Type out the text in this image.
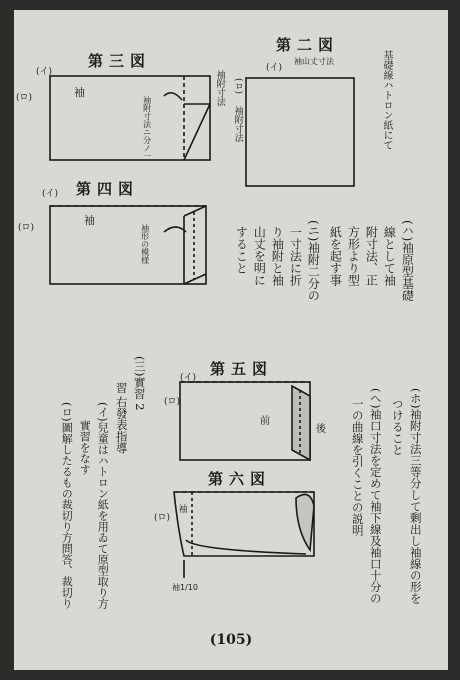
第三図
(イ)
(ロ)	袖	袖附寸法
袖附寸法ニ分ノ一
第二図
(イ)
袖山丈寸法
(ロ)
袖附寸法	基礎線ハトロン紙にて
第四図
(イ)
(ロ)
袖
袖形の模様	(ハ)袖原型基礎
線として袖
附寸法、正
方形より型
紙を起す事
(ニ)袖附二分の
一寸法に折
り袖附と袖
山丈を明に
すること
(ホ)袖附寸法三等分して剰出し袖線の形を
つけること
(ヘ)袖口寸法を定めて袖下線及袖口十分の
一の曲線を引くことの説明
第五図
(イ)
(ロ)
前
後
第六図
(ロ)
袖
袖1/10
(三)實習 2
右發表指導
習
(イ)兒童はハトロン紙を用ゐて原型取り方
實習をなす
(ロ)圖解したるもの裁切り方問答、裁切り
(105)
